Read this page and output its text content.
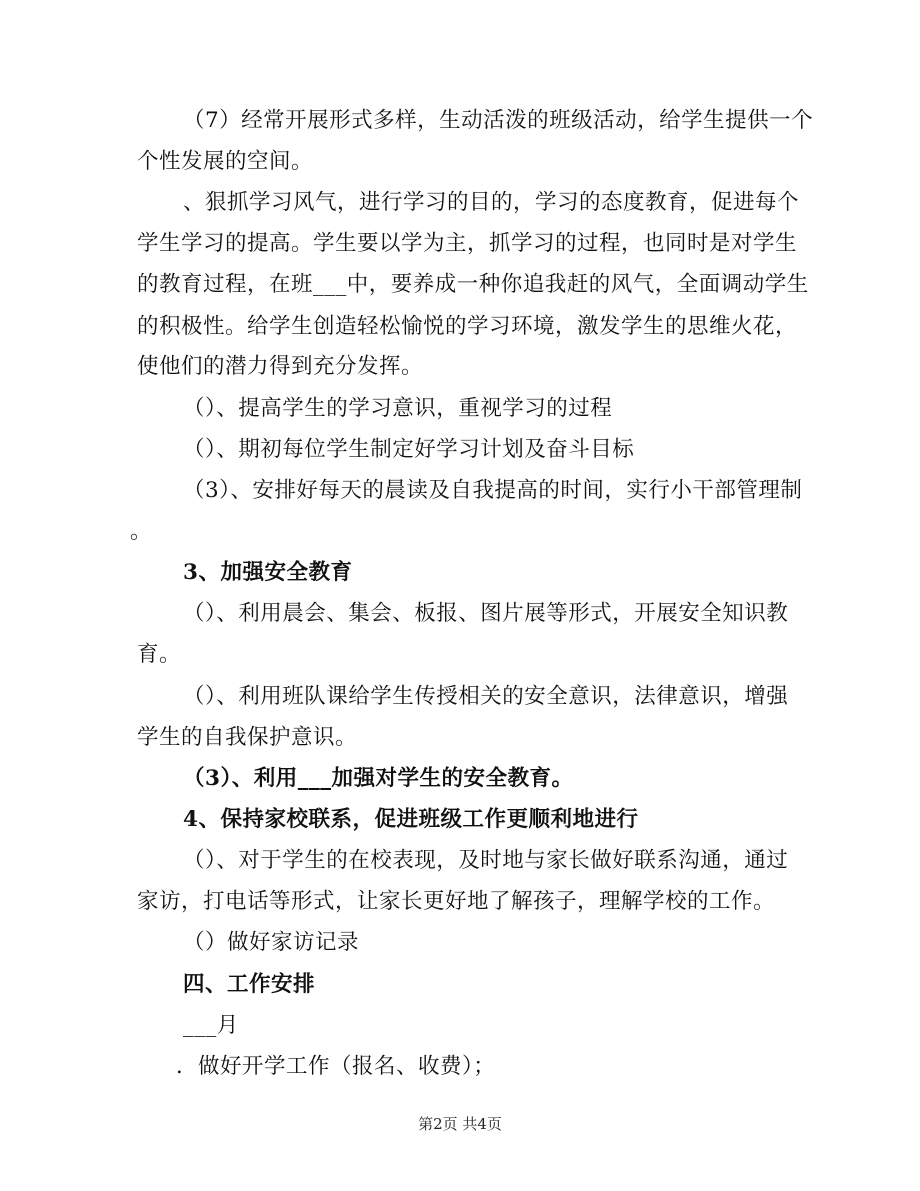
（7）经常开展形式多样，生动活泼的班级活动，给学生提供一个
个性发展的空间。
、狠抓学习风气，进行学习的目的，学习的态度教育，促进每个
学生学习的提高。学生要以学为主，抓学习的过程，也同时是对学生
的教育过程，在班___中，要养成一种你追我赶的风气，全面调动学生
的积极性。给学生创造轻松愉悦的学习环境，激发学生的思维火花，
使他们的潜力得到充分发挥。
（）、提高学生的学习意识，重视学习的过程
（）、期初每位学生制定好学习计划及奋斗目标
（3）、安排好每天的晨读及自我提高的时间，实行小干部管理制
。
3、加强安全教育
（）、利用晨会、集会、板报、图片展等形式，开展安全知识教
育。
（）、利用班队课给学生传授相关的安全意识，法律意识，增强
学生的自我保护意识。
（3）、利用___加强对学生的安全教育。
4、保持家校联系，促进班级工作更顺利地进行
（）、对于学生的在校表现，及时地与家长做好联系沟通，通过
家访，打电话等形式，让家长更好地了解孩子，理解学校的工作。
（）做好家访记录
四、工作安排
___月
．做好开学工作（报名、收费）；
第2页 共4页
